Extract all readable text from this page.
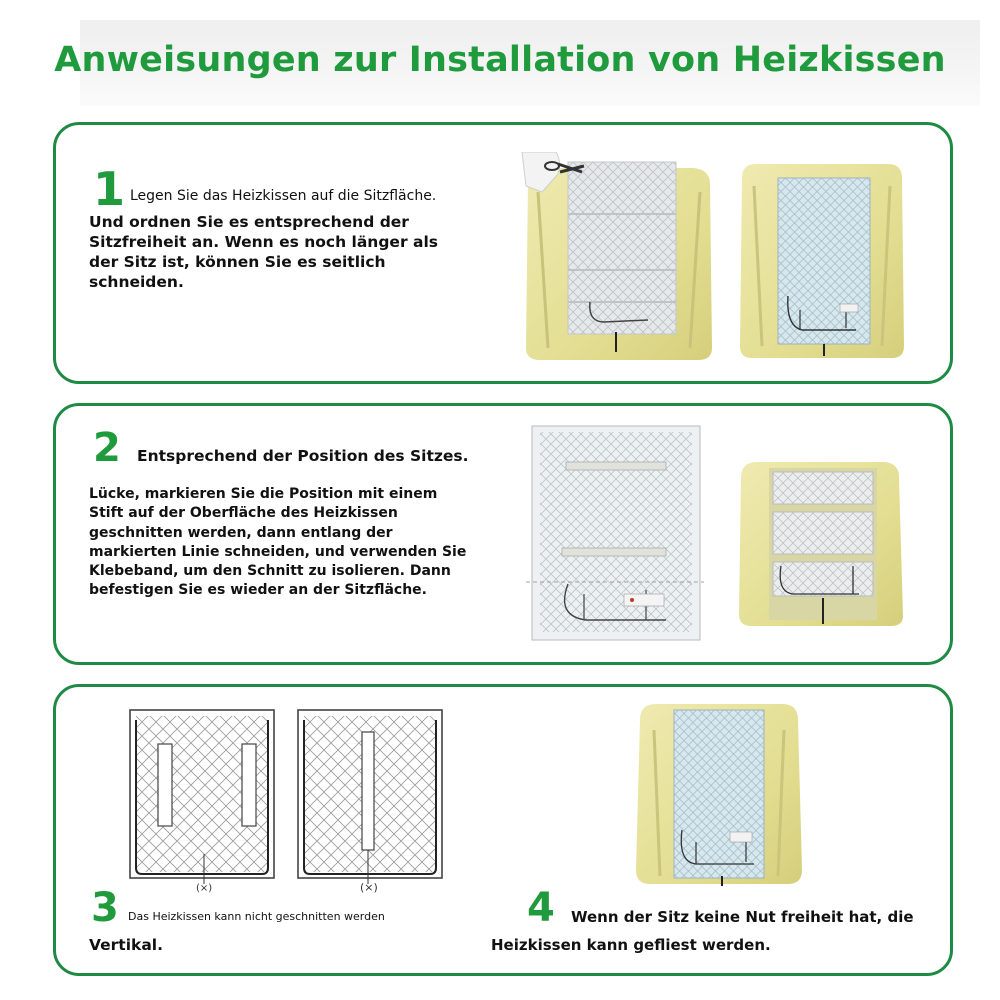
Anweisungen zur Installation von Heizkissen
1 Legen Sie das Heizkissen auf die Sitzfläche.

Und ordnen Sie es entsprechend der
Sitzfreiheit an. Wenn es noch länger als
der Sitz ist, können Sie es seitlich
schneiden.

2 Entsprechend der Position des Sitzes.

Lücke, markieren Sie die Position mit einem
Stift auf der Oberfläche des Heizkissen
geschnitten werden, dann entlang der
markierten Linie schneiden, und verwenden Sie
Klebeband, um den Schnitt zu isolieren. Dann
befestigen Sie es wieder an der Sitzfläche.

(×)	(×)
3 Das Heizkissen kann nicht geschnitten werden
Vertikal.
4 Wenn der Sitz keine Nut freiheit hat, die
Heizkissen kann gefliest werden.
